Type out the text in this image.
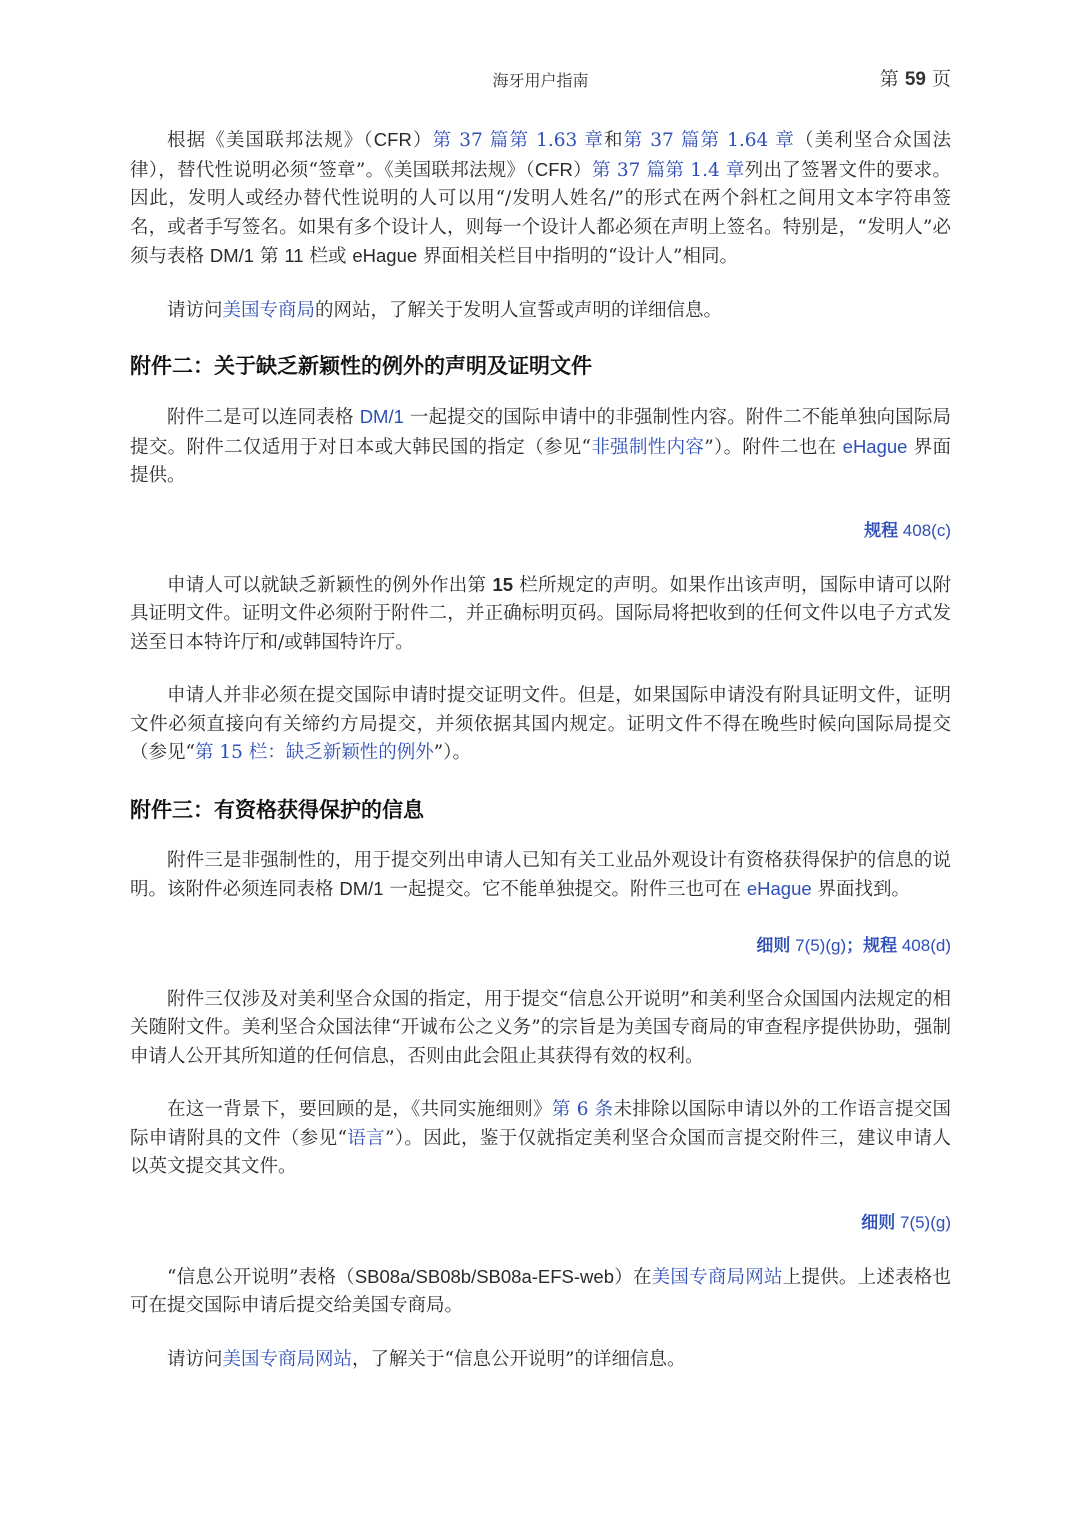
海牙用户指南	第 59 页

根据《美国联邦法规》（CFR）第 37 篇第 1.63 章和第 37 篇第 1.64 章（美利坚合众国法律），替代性说明必须“签章”。《美国联邦法规》（CFR）第 37 篇第 1.4 章列出了签署文件的要求。因此，发明人或经办替代性说明的人可以用“/发明人姓名/”的形式在两个斜杠之间用文本字符串签名，或者手写签名。如果有多个设计人，则每一个设计人都必须在声明上签名。特别是，“发明人”必须与表格 DM/1 第 11 栏或 eHague 界面相关栏目中指明的“设计人”相同。

请访问美国专商局的网站，了解关于发明人宣誓或声明的详细信息。

附件二：关于缺乏新颖性的例外的声明及证明文件

附件二是可以连同表格 DM/1 一起提交的国际申请中的非强制性内容。附件二不能单独向国际局提交。附件二仅适用于对日本或大韩民国的指定（参见“非强制性内容”）。附件二也在 eHague 界面提供。

规程 408(c)

申请人可以就缺乏新颖性的例外作出第 15 栏所规定的声明。如果作出该声明，国际申请可以附具证明文件。证明文件必须附于附件二，并正确标明页码。国际局将把收到的任何文件以电子方式发送至日本特许厅和/或韩国特许厅。

申请人并非必须在提交国际申请时提交证明文件。但是，如果国际申请没有附具证明文件，证明文件必须直接向有关缔约方局提交，并须依据其国内规定。证明文件不得在晚些时候向国际局提交（参见“第 15 栏：缺乏新颖性的例外”）。

附件三：有资格获得保护的信息

附件三是非强制性的，用于提交列出申请人已知有关工业品外观设计有资格获得保护的信息的说明。该附件必须连同表格 DM/1 一起提交。它不能单独提交。附件三也可在 eHague 界面找到。

细则 7(5)(g)；规程 408(d)

附件三仅涉及对美利坚合众国的指定，用于提交“信息公开说明”和美利坚合众国国内法规定的相关随附文件。美利坚合众国法律“开诚布公之义务”的宗旨是为美国专商局的审查程序提供协助，强制申请人公开其所知道的任何信息，否则由此会阻止其获得有效的权利。

在这一背景下，要回顾的是，《共同实施细则》第 6 条未排除以国际申请以外的工作语言提交国际申请附具的文件（参见“语言”）。因此，鉴于仅就指定美利坚合众国而言提交附件三，建议申请人以英文提交其文件。

细则 7(5)(g)

“信息公开说明”表格（SB08a/SB08b/SB08a-EFS-web）在美国专商局网站上提供。上述表格也可在提交国际申请后提交给美国专商局。

请访问美国专商局网站，了解关于“信息公开说明”的详细信息。
